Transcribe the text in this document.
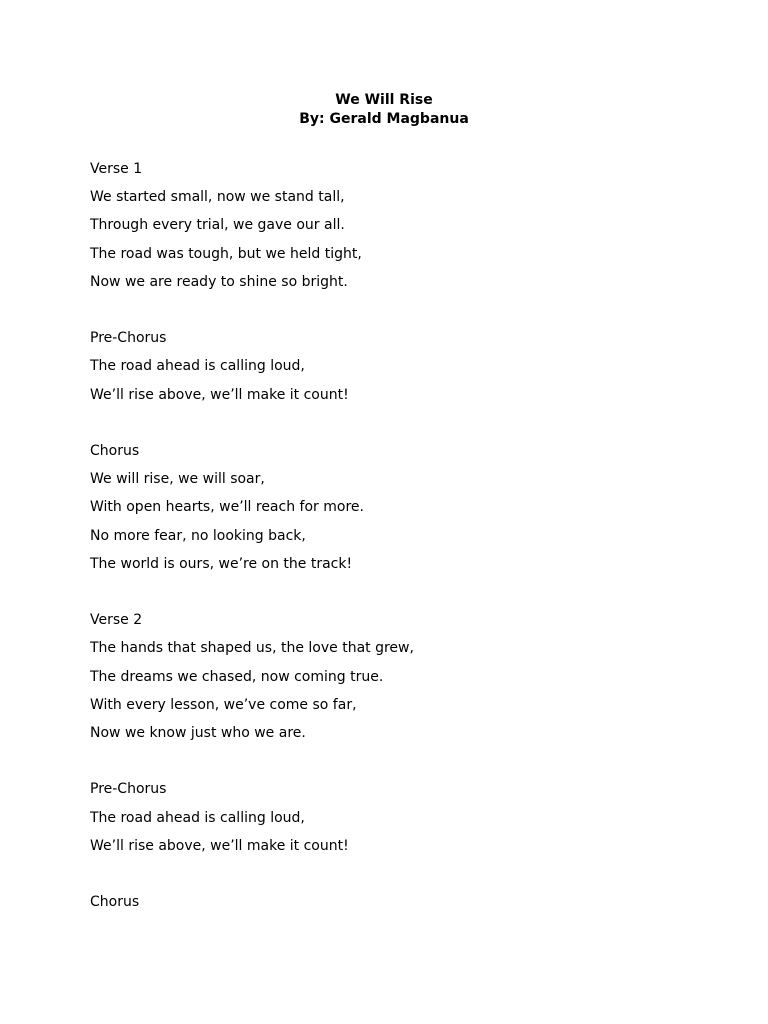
We Will Rise
By: Gerald Magbanua
Verse 1
We started small, now we stand tall,
Through every trial, we gave our all.
The road was tough, but we held tight,
Now we are ready to shine so bright.
Pre-Chorus
The road ahead is calling loud,
We’ll rise above, we’ll make it count!
Chorus
We will rise, we will soar,
With open hearts, we’ll reach for more.
No more fear, no looking back,
The world is ours, we’re on the track!
Verse 2
The hands that shaped us, the love that grew,
The dreams we chased, now coming true.
With every lesson, we’ve come so far,
Now we know just who we are.
Pre-Chorus
The road ahead is calling loud,
We’ll rise above, we’ll make it count!
Chorus
